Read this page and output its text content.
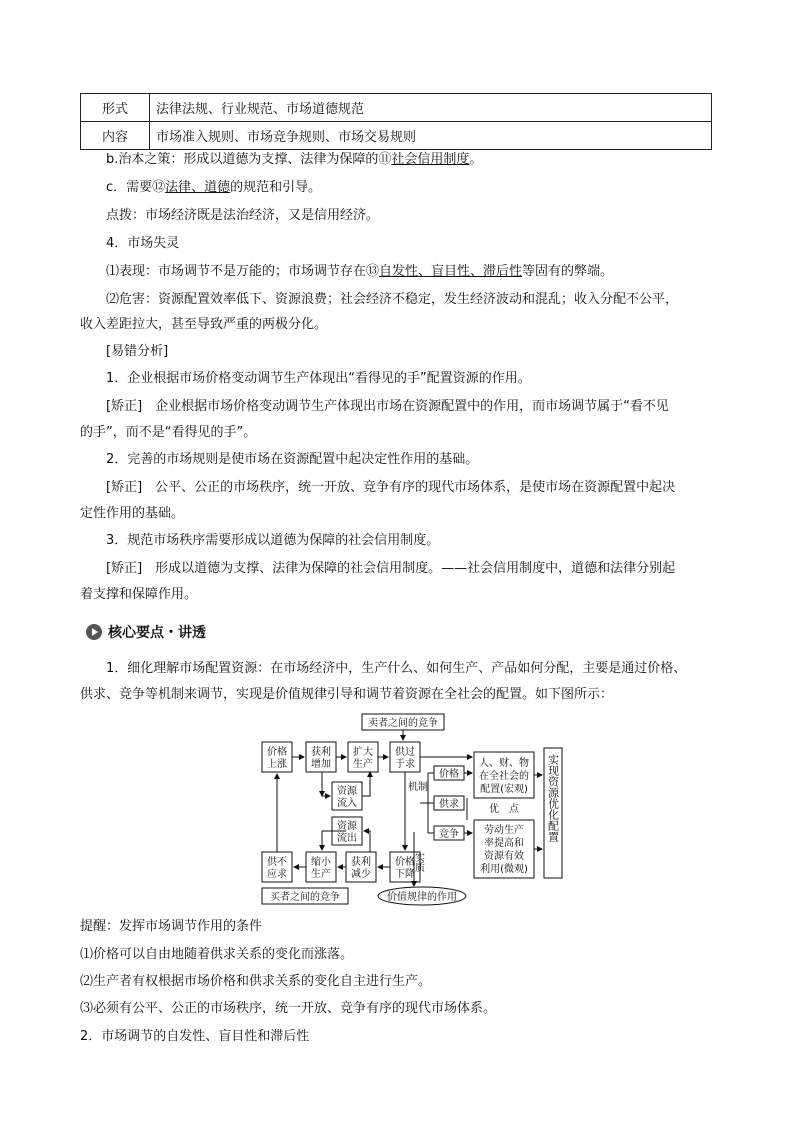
形式	法律法规、行业规范、市场道德规范
内容	市场准入规则、市场竞争规则、市场交易规则
b.治本之策：形成以道德为支撑、法律为保障的⑪社会信用制度。
c．需要⑫法律、道德的规范和引导。
点拨：市场经济既是法治经济，又是信用经济。
4．市场失灵
⑴表现：市场调节不是万能的；市场调节存在⑬自发性、盲目性、滞后性等固有的弊端。
⑵危害：资源配置效率低下、资源浪费；社会经济不稳定，发生经济波动和混乱；收入分配不公平，
收入差距拉大，甚至导致严重的两极分化。
[易错分析]
1．企业根据市场价格变动调节生产体现出“看得见的手”配置资源的作用。
[矫正]　企业根据市场价格变动调节生产体现出市场在资源配置中的作用，而市场调节属于“看不见
的手”，而不是“看得见的手”。
2．完善的市场规则是使市场在资源配置中起决定性作用的基础。
[矫正]　公平、公正的市场秩序，统一开放、竞争有序的现代市场体系，是使市场在资源配置中起决
定性作用的基础。
3．规范市场秩序需要形成以道德为保障的社会信用制度。
[矫正]　形成以道德为支撑、法律为保障的社会信用制度。——社会信用制度中，道德和法律分别起
着支撑和保障作用。
核心要点・讲透
1．细化理解市场配置资源：在市场经济中，生产什么、如何生产、产品如何分配，主要是通过价格、
供求、竞争等机制来调节，实现是价值规律引导和调节着资源在全社会的配置。如下图所示：
卖者之间的竞争
价格
上涨
获利
增加
扩大
生产
供过
于求
资源
流入
资源
流出
供不
应求
缩小
生产
获利
减少
价格
下降
买者之间的竞争
机制
实质
价格
供求
竞争
人、财、物
在全社会的
配置(宏观)
优　点
劳动生产
率提高和
资源有效
利用(微观)
实现资源优化配置
价值规律的作用
提醒：发挥市场调节作用的条件
⑴价格可以自由地随着供求关系的变化而涨落。
⑵生产者有权根据市场价格和供求关系的变化自主进行生产。
⑶必须有公平、公正的市场秩序，统一开放、竞争有序的现代市场体系。
2．市场调节的自发性、盲目性和滞后性
